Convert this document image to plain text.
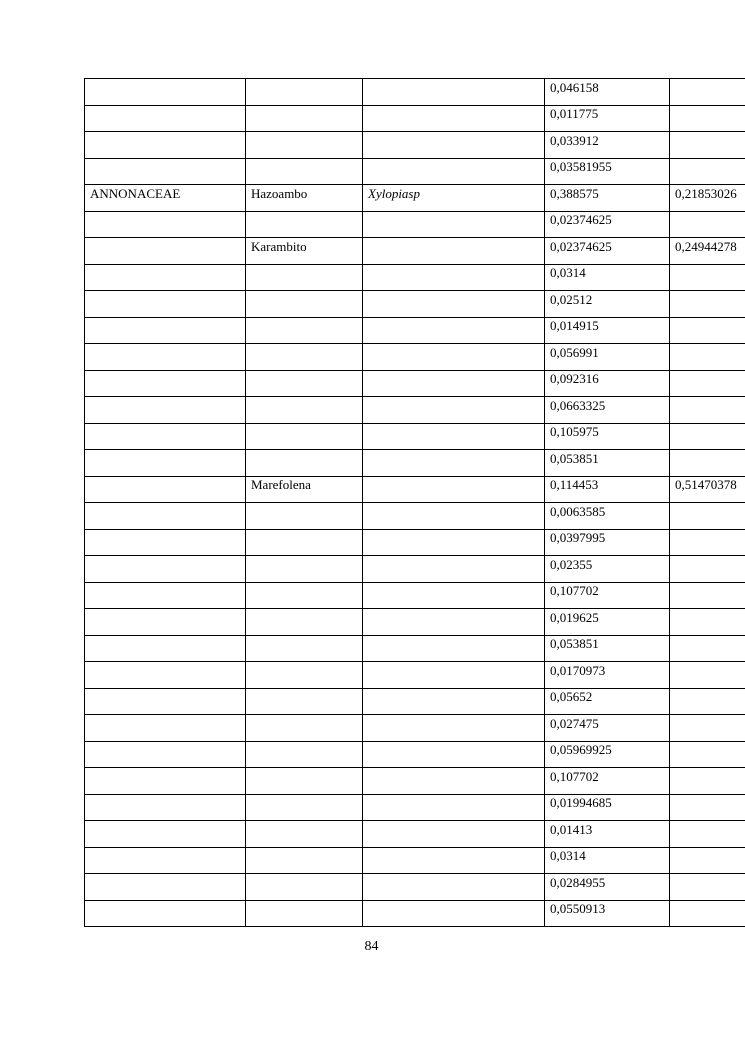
			0,046158	

			0,011775	

			0,033912	

			0,03581955	

ANNONACEAE	Hazoambo	Xylopiasp	0,388575	0,21853026

			0,02374625	

	Karambito		0,02374625	0,24944278

			0,0314	

			0,02512	

			0,014915	

			0,056991	

			0,092316	

			0,0663325	

			0,105975	

			0,053851	

	Marefolena		0,114453	0,51470378

			0,0063585	

			0,0397995	

			0,02355	

			0,107702	

			0,019625	

			0,053851	

			0,0170973	

			0,05652	

			0,027475	

			0,05969925	

			0,107702	

			0,01994685	

			0,01413	

			0,0314	

			0,0284955	

			0,0550913	

84
